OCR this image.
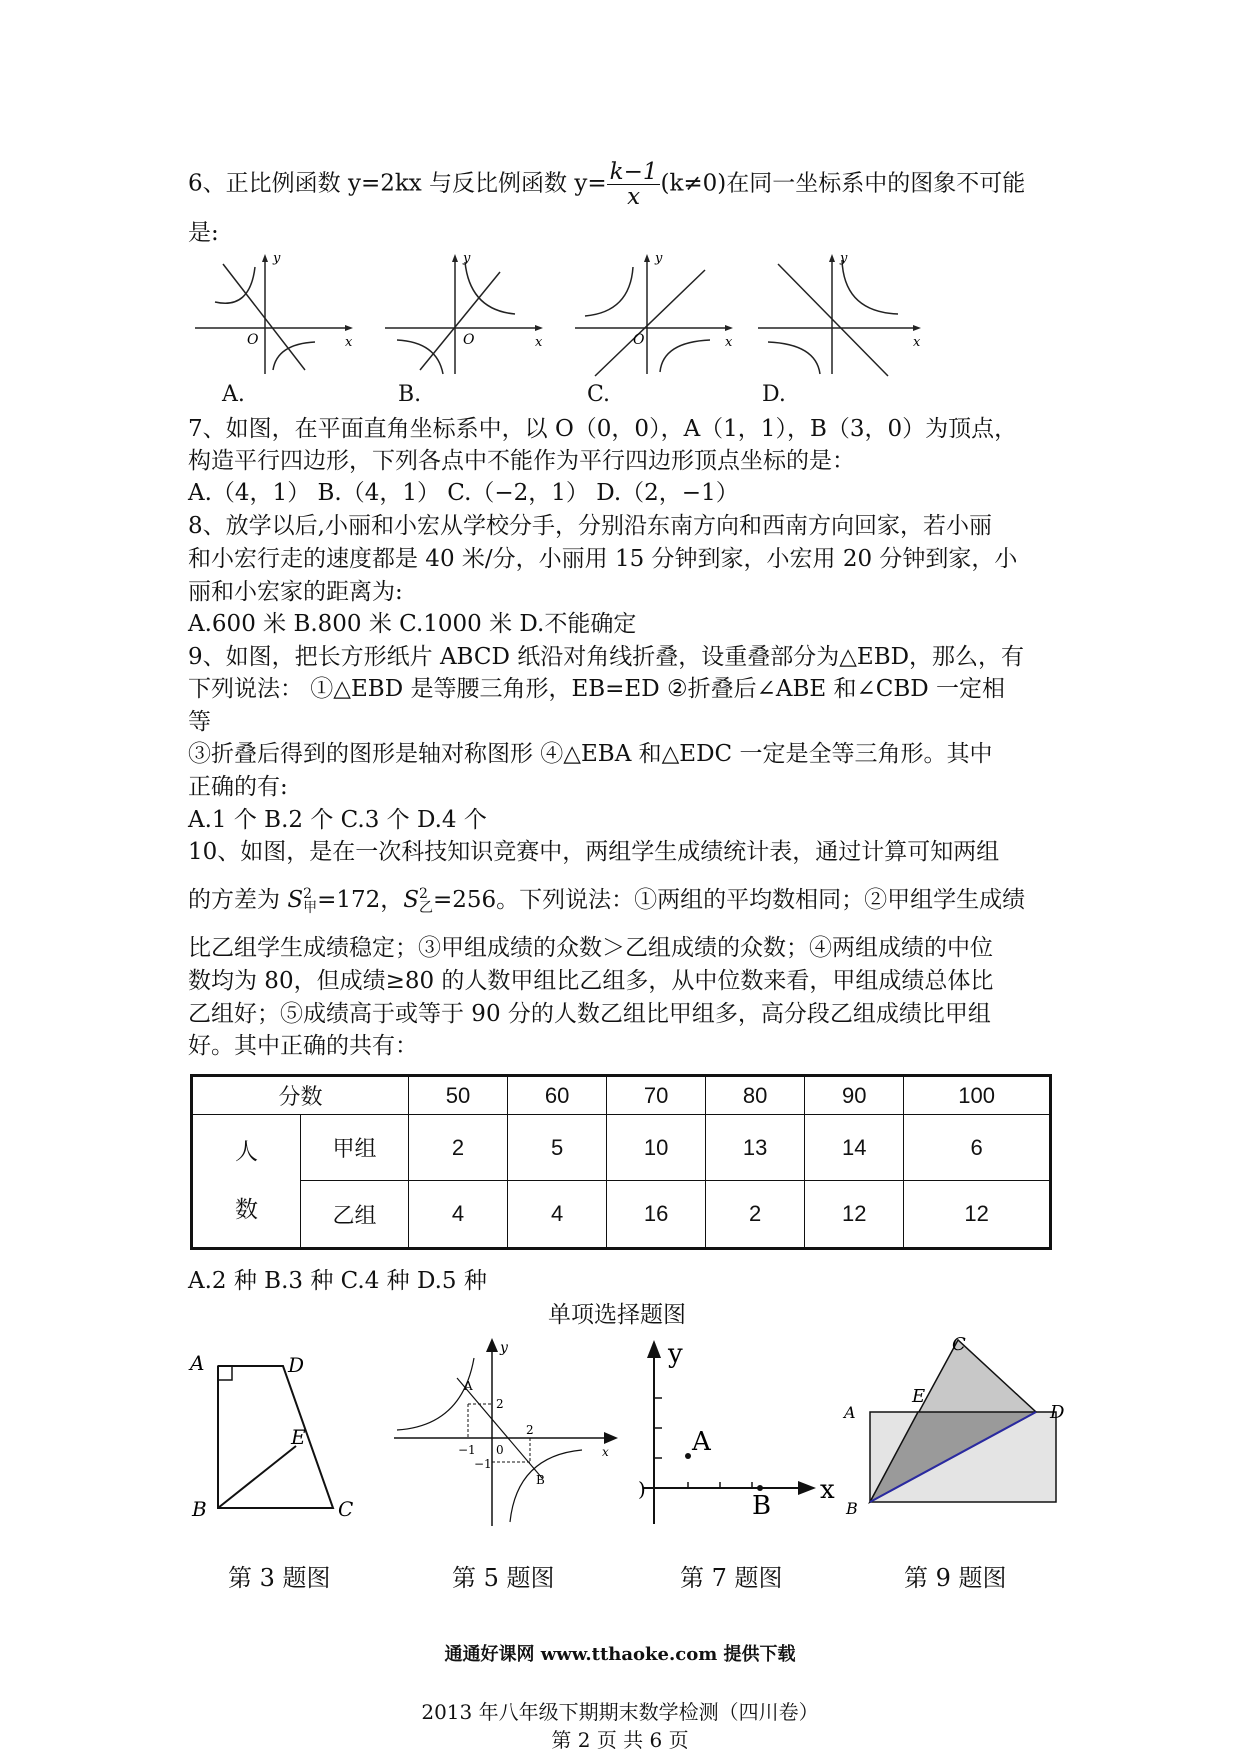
6、正比例函数 y=2kx 与反比例函数 $y= \frac{k-1}{x} (k\ne 0)$在同一坐标系中的图象不可能
是:
O	x
y
O	x
y
O	x
y
x
y
A.	B.	C.	D.
7、如图，在平面直角坐标系中，以 O（0，0），A（1，1），B（3，0）为顶点，
构造平行四边形，下列各点中不能作为平行四边形顶点坐标的是：
A.（4，1） B.（4，1） C.（−2，1） D.（2，−1）
8、放学以后,小丽和小宏从学校分手，分别沿东南方向和西南方向回家，若小丽
和小宏行走的速度都是 40 米/分，小丽用 15 分钟到家，小宏用 20 分钟到家，小
丽和小宏家的距离为:
A.600 米 B.800 米 C.1000 米 D.不能确定
9、如图，把长方形纸片 ABCD 纸沿对角线折叠，设重叠部分为△EBD，那么，有
下列说法： ①△EBD 是等腰三角形，EB=ED ②折叠后∠ABE 和∠CBD 一定相
等
③折叠后得到的图形是轴对称图形 ④△EBA 和△EDC 一定是全等三角形。其中
正确的有:
A.1 个 B.2 个 C.3 个 D.4 个
10、如图，是在一次科技知识竞赛中，两组学生成绩统计表，通过计算可知两组
的方差为 S 2
甲 =172，S 2
乙 =256。下列说法：①两组的平均数相同；②甲组学生成绩
比乙组学生成绩稳定；③甲组成绩的众数＞乙组成绩的众数；④两组成绩的中位
数均为 80，但成绩≥80 的人数甲组比乙组多，从中位数来看，甲组成绩总体比
乙组好；⑤成绩高于或等于 90 分的人数乙组比甲组多，高分段乙组成绩比甲组
好。其中正确的共有：
分数		50	60	70	80	90	100

人
数	甲组	2	5	10	13	14	6
	乙组	4	4	16	2	12	12
A.2 种 B.3 种 C.4 种 D.5 种
单项选择题图
A	D
E
B	C
第 3 题图
y
x
A
B
2
−1 0
2
−1
第 5 题图
y
x
A
B
)
第 7 题图
A
B
C
D
E
第 9 题图
通通好课网 www.tthaoke.com 提供下载
2013 年八年级下期期末数学检测（四川卷）
第 2 页 共 6 页
